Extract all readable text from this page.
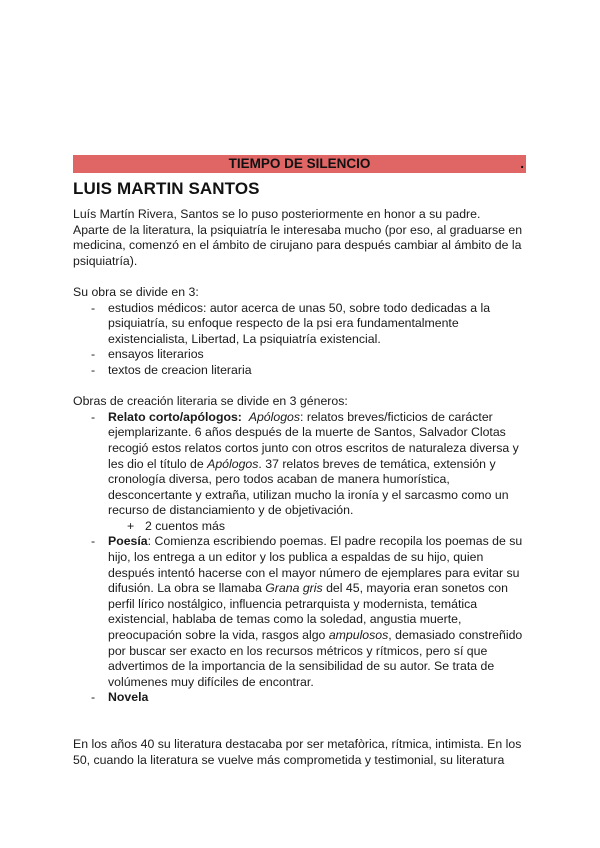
TIEMPO DE SILENCIO	.
LUIS MARTIN SANTOS

Luís Martín Rivera, Santos se lo puso posteriormente en honor a su padre.

Aparte de la literatura, la psiquiatría le interesaba mucho (por eso, al graduarse en medicina, comenzó en el ámbito de cirujano para después cambiar al ámbito de la psiquiatría).

Su obra se divide en 3:

- estudios médicos: autor acerca de unas 50, sobre todo dedicadas a la psiquiatría, su enfoque respecto de la psi era fundamentalmente existencialista, Libertad, La psiquiatría existencial.
- ensayos literarios
- textos de creacion literaria

Obras de creación literaria se divide en 3 géneros:

- Relato corto/apólogos: Apólogos: relatos breves/ficticios de carácter ejemplarizante. 6 años después de la muerte de Santos, Salvador Clotas recogió estos relatos cortos junto con otros escritos de naturaleza diversa y les dio el título de Apólogos. 37 relatos breves de temática, extensión y cronología diversa, pero todos acaban de manera humorística, desconcertante y extraña, utilizan mucho la ironía y el sarcasmo como un recurso de distanciamiento y de objetivación.
+ 2 cuentos más
- Poesía: Comienza escribiendo poemas. El padre recopila los poemas de su hijo, los entrega a un editor y los publica a espaldas de su hijo, quien después intentó hacerse con el mayor número de ejemplares para evitar su difusión. La obra se llamaba Grana gris del 45, mayoria eran sonetos con perfil lírico nostálgico, influencia petrarquista y modernista, temática existencial, hablaba de temas como la soledad, angustia muerte, preocupación sobre la vida, rasgos algo ampulosos, demasiado constreñido por buscar ser exacto en los recursos métricos y rítmicos, pero sí que advertimos de la importancia de la sensibilidad de su autor. Se trata de volúmenes muy difíciles de encontrar.
- Novela

En los años 40 su literatura destacaba por ser metafòrica, rítmica, intimista. En los 50, cuando la literatura se vuelve más comprometida y testimonial, su literatura
